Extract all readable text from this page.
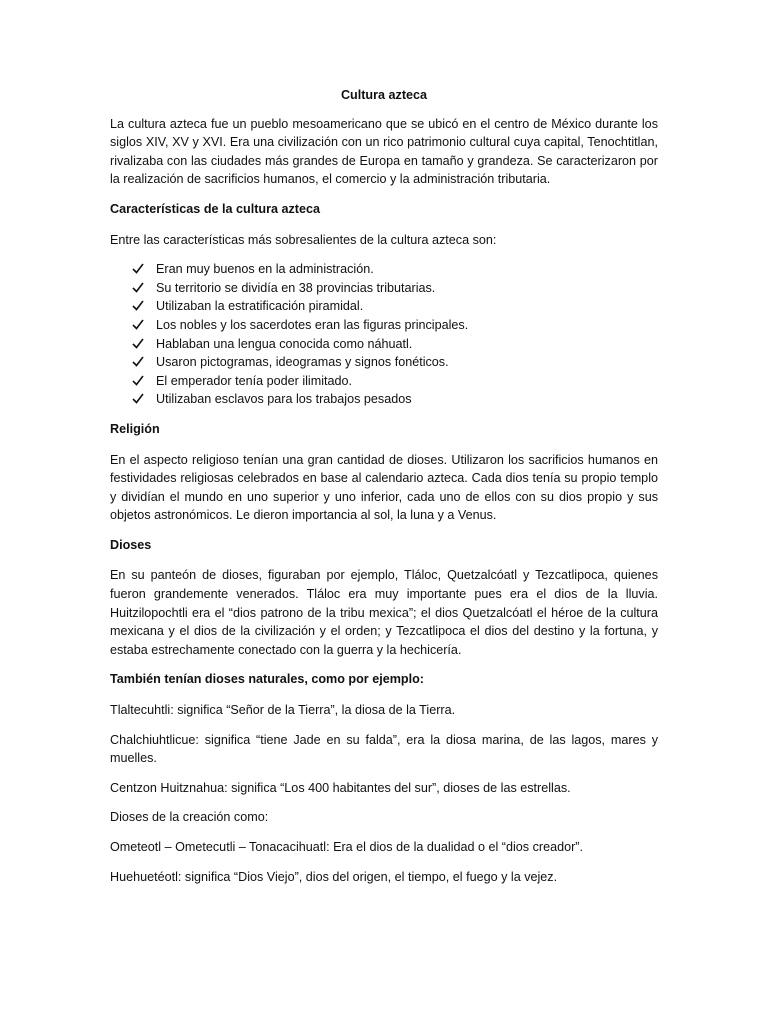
Cultura azteca

La cultura azteca fue un pueblo mesoamericano que se ubicó en el centro de México durante los siglos XIV, XV y XVI. Era una civilización con un rico patrimonio cultural cuya capital, Tenochtitlan, rivalizaba con las ciudades más grandes de Europa en tamaño y grandeza. Se caracterizaron por la realización de sacrificios humanos, el comercio y la administración tributaria.

Características de la cultura azteca

Entre las características más sobresalientes de la cultura azteca son:

Eran muy buenos en la administración.
Su territorio se dividía en 38 provincias tributarias.
Utilizaban la estratificación piramidal.
Los nobles y los sacerdotes eran las figuras principales.
Hablaban una lengua conocida como náhuatl.
Usaron pictogramas, ideogramas y signos fonéticos.
El emperador tenía poder ilimitado.
Utilizaban esclavos para los trabajos pesados
Religión

En el aspecto religioso tenían una gran cantidad de dioses. Utilizaron los sacrificios humanos en festividades religiosas celebrados en base al calendario azteca. Cada dios tenía su propio templo y dividían el mundo en uno superior y uno inferior, cada uno de ellos con su dios propio y sus objetos astronómicos. Le dieron importancia al sol, la luna y a Venus.

Dioses

En su panteón de dioses, figuraban por ejemplo, Tláloc, Quetzalcóatl y Tezcatlipoca, quienes fueron grandemente venerados. Tláloc era muy importante pues era el dios de la lluvia. Huitzilopochtli era el “dios patrono de la tribu mexica”; el dios Quetzalcóatl el héroe de la cultura mexicana y el dios de la civilización y el orden; y Tezcatlipoca el dios del destino y la fortuna, y estaba estrechamente conectado con la guerra y la hechicería.

También tenían dioses naturales, como por ejemplo:

Tlaltecuhtli: significa “Señor de la Tierra”, la diosa de la Tierra.

Chalchiuhtlicue: significa “tiene Jade en su falda”, era la diosa marina, de las lagos, mares y muelles.

Centzon Huitznahua: significa “Los 400 habitantes del sur”, dioses de las estrellas.

Dioses de la creación como:

Ometeotl – Ometecutli – Tonacacihuatl: Era el dios de la dualidad o el “dios creador”.

Huehuetéotl: significa “Dios Viejo”, dios del origen, el tiempo, el fuego y la vejez.
